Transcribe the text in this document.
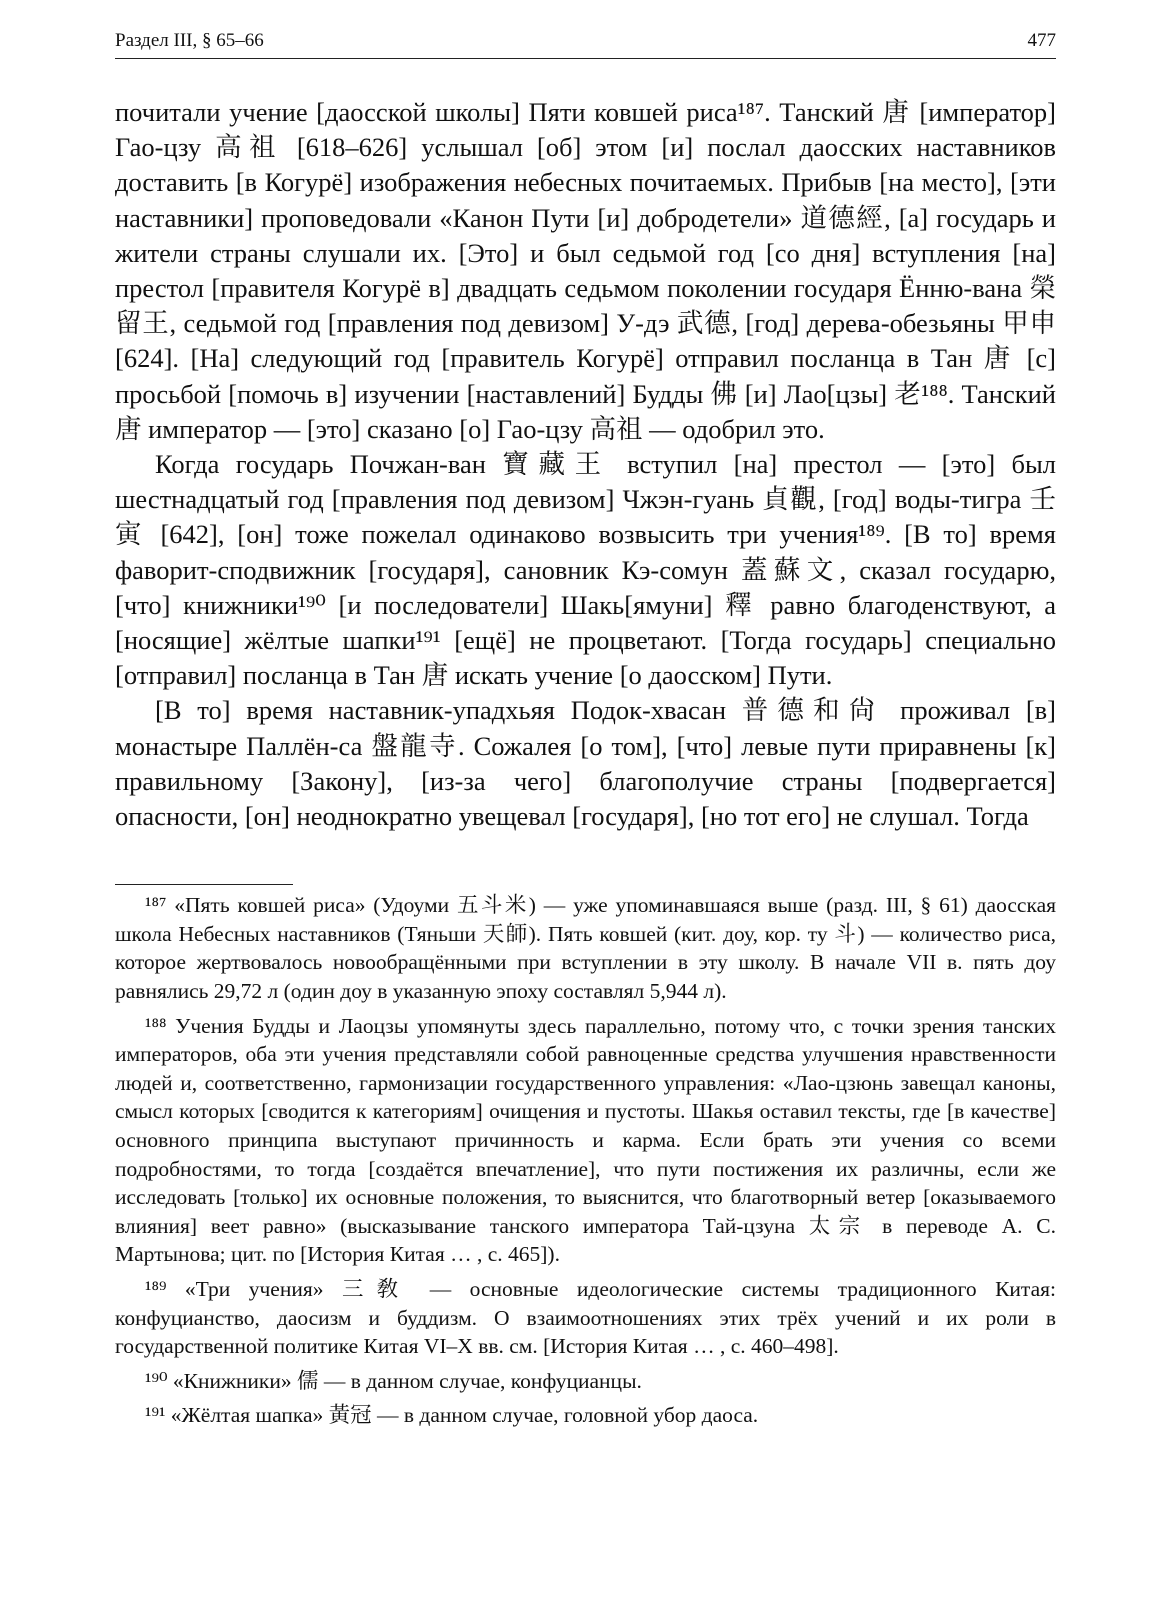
Раздел III, § 65–66	477

почитали учение [даосской школы] Пяти ковшей риса¹⁸⁷. Танский 唐 [император] Гао-цзу 高祖 [618–626] услышал [об] этом [и] послал даосских наставников доставить [в Когурё] изображения небесных почитаемых. Прибыв [на место], [эти наставники] проповедовали «Канон Пути [и] добродетели» 道德經, [а] государь и жители страны слушали их. [Это] и был седьмой год [со дня] вступления [на] престол [правителя Когурё в] двадцать седьмом поколении государя Ённю-вана 榮留王, седьмой год [правления под девизом] У-дэ 武德, [год] дерева-обезьяны 甲申 [624]. [На] следующий год [правитель Когурё] отправил посланца в Тан 唐 [с] просьбой [помочь в] изучении [наставлений] Будды 佛 [и] Лао[цзы] 老¹⁸⁸. Танский 唐 император — [это] сказано [о] Гао-цзу 高祖 — одобрил это.

Когда государь Почжан-ван 寶藏王 вступил [на] престол — [это] был шестнадцатый год [правления под девизом] Чжэн-гуань 貞觀, [год] воды-тигра 壬寅 [642], [он] тоже пожелал одинаково возвысить три учения¹⁸⁹. [В то] время фаворит-сподвижник [государя], сановник Кэ-сомун 蓋蘇文, сказал государю, [что] книжники¹⁹⁰ [и последователи] Шакь[ямуни] 釋 равно благоденствуют, а [носящие] жёлтые шапки¹⁹¹ [ещё] не процветают. [Тогда государь] специально [отправил] посланца в Тан 唐 искать учение [о даосском] Пути.

[В то] время наставник-упадхьяя Подок-хвасан 普德和尙 проживал [в] монастыре Паллён-са 盤龍寺. Сожалея [о том], [что] левые пути приравнены [к] правильному [Закону], [из-за чего] благополучие страны [подвергается] опасности, [он] неоднократно увещевал [государя], [но тот его] не слушал. Тогда

¹⁸⁷ «Пять ковшей риса» (Удоуми 五斗米) — уже упоминавшаяся выше (разд. III, § 61) даосская школа Небесных наставников (Тяньши 天師). Пять ковшей (кит. доу, кор. ту 斗) — количество риса, которое жертвовалось новообращёнными при вступлении в эту школу. В начале VII в. пять доу равнялись 29,72 л (один доу в указанную эпоху составлял 5,944 л).

¹⁸⁸ Учения Будды и Лаоцзы упомянуты здесь параллельно, потому что, с точки зрения танских императоров, оба эти учения представляли собой равноценные средства улучшения нравственности людей и, соответственно, гармонизации государственного управления: «Лао-цзюнь завещал каноны, смысл которых [сводится к категориям] очищения и пустоты. Шакья оставил тексты, где [в качестве] основного принципа выступают причинность и карма. Если брать эти учения со всеми подробностями, то тогда [создаётся впечатление], что пути постижения их различны, если же исследовать [только] их основные положения, то выяснится, что благотворный ветер [оказываемого влияния] веет равно» (высказывание танского императора Тай-цзуна 太宗 в переводе А. С. Мартынова; цит. по [История Китая … , с. 465]).

¹⁸⁹ «Три учения» 三敎 — основные идеологические системы традиционного Китая: конфуцианство, даосизм и буддизм. О взаимоотношениях этих трёх учений и их роли в государственной политике Китая VI–X вв. см. [История Китая … , с. 460–498].

¹⁹⁰ «Книжники» 儒 — в данном случае, конфуцианцы.

¹⁹¹ «Жёлтая шапка» 黃冠 — в данном случае, головной убор даоса.
